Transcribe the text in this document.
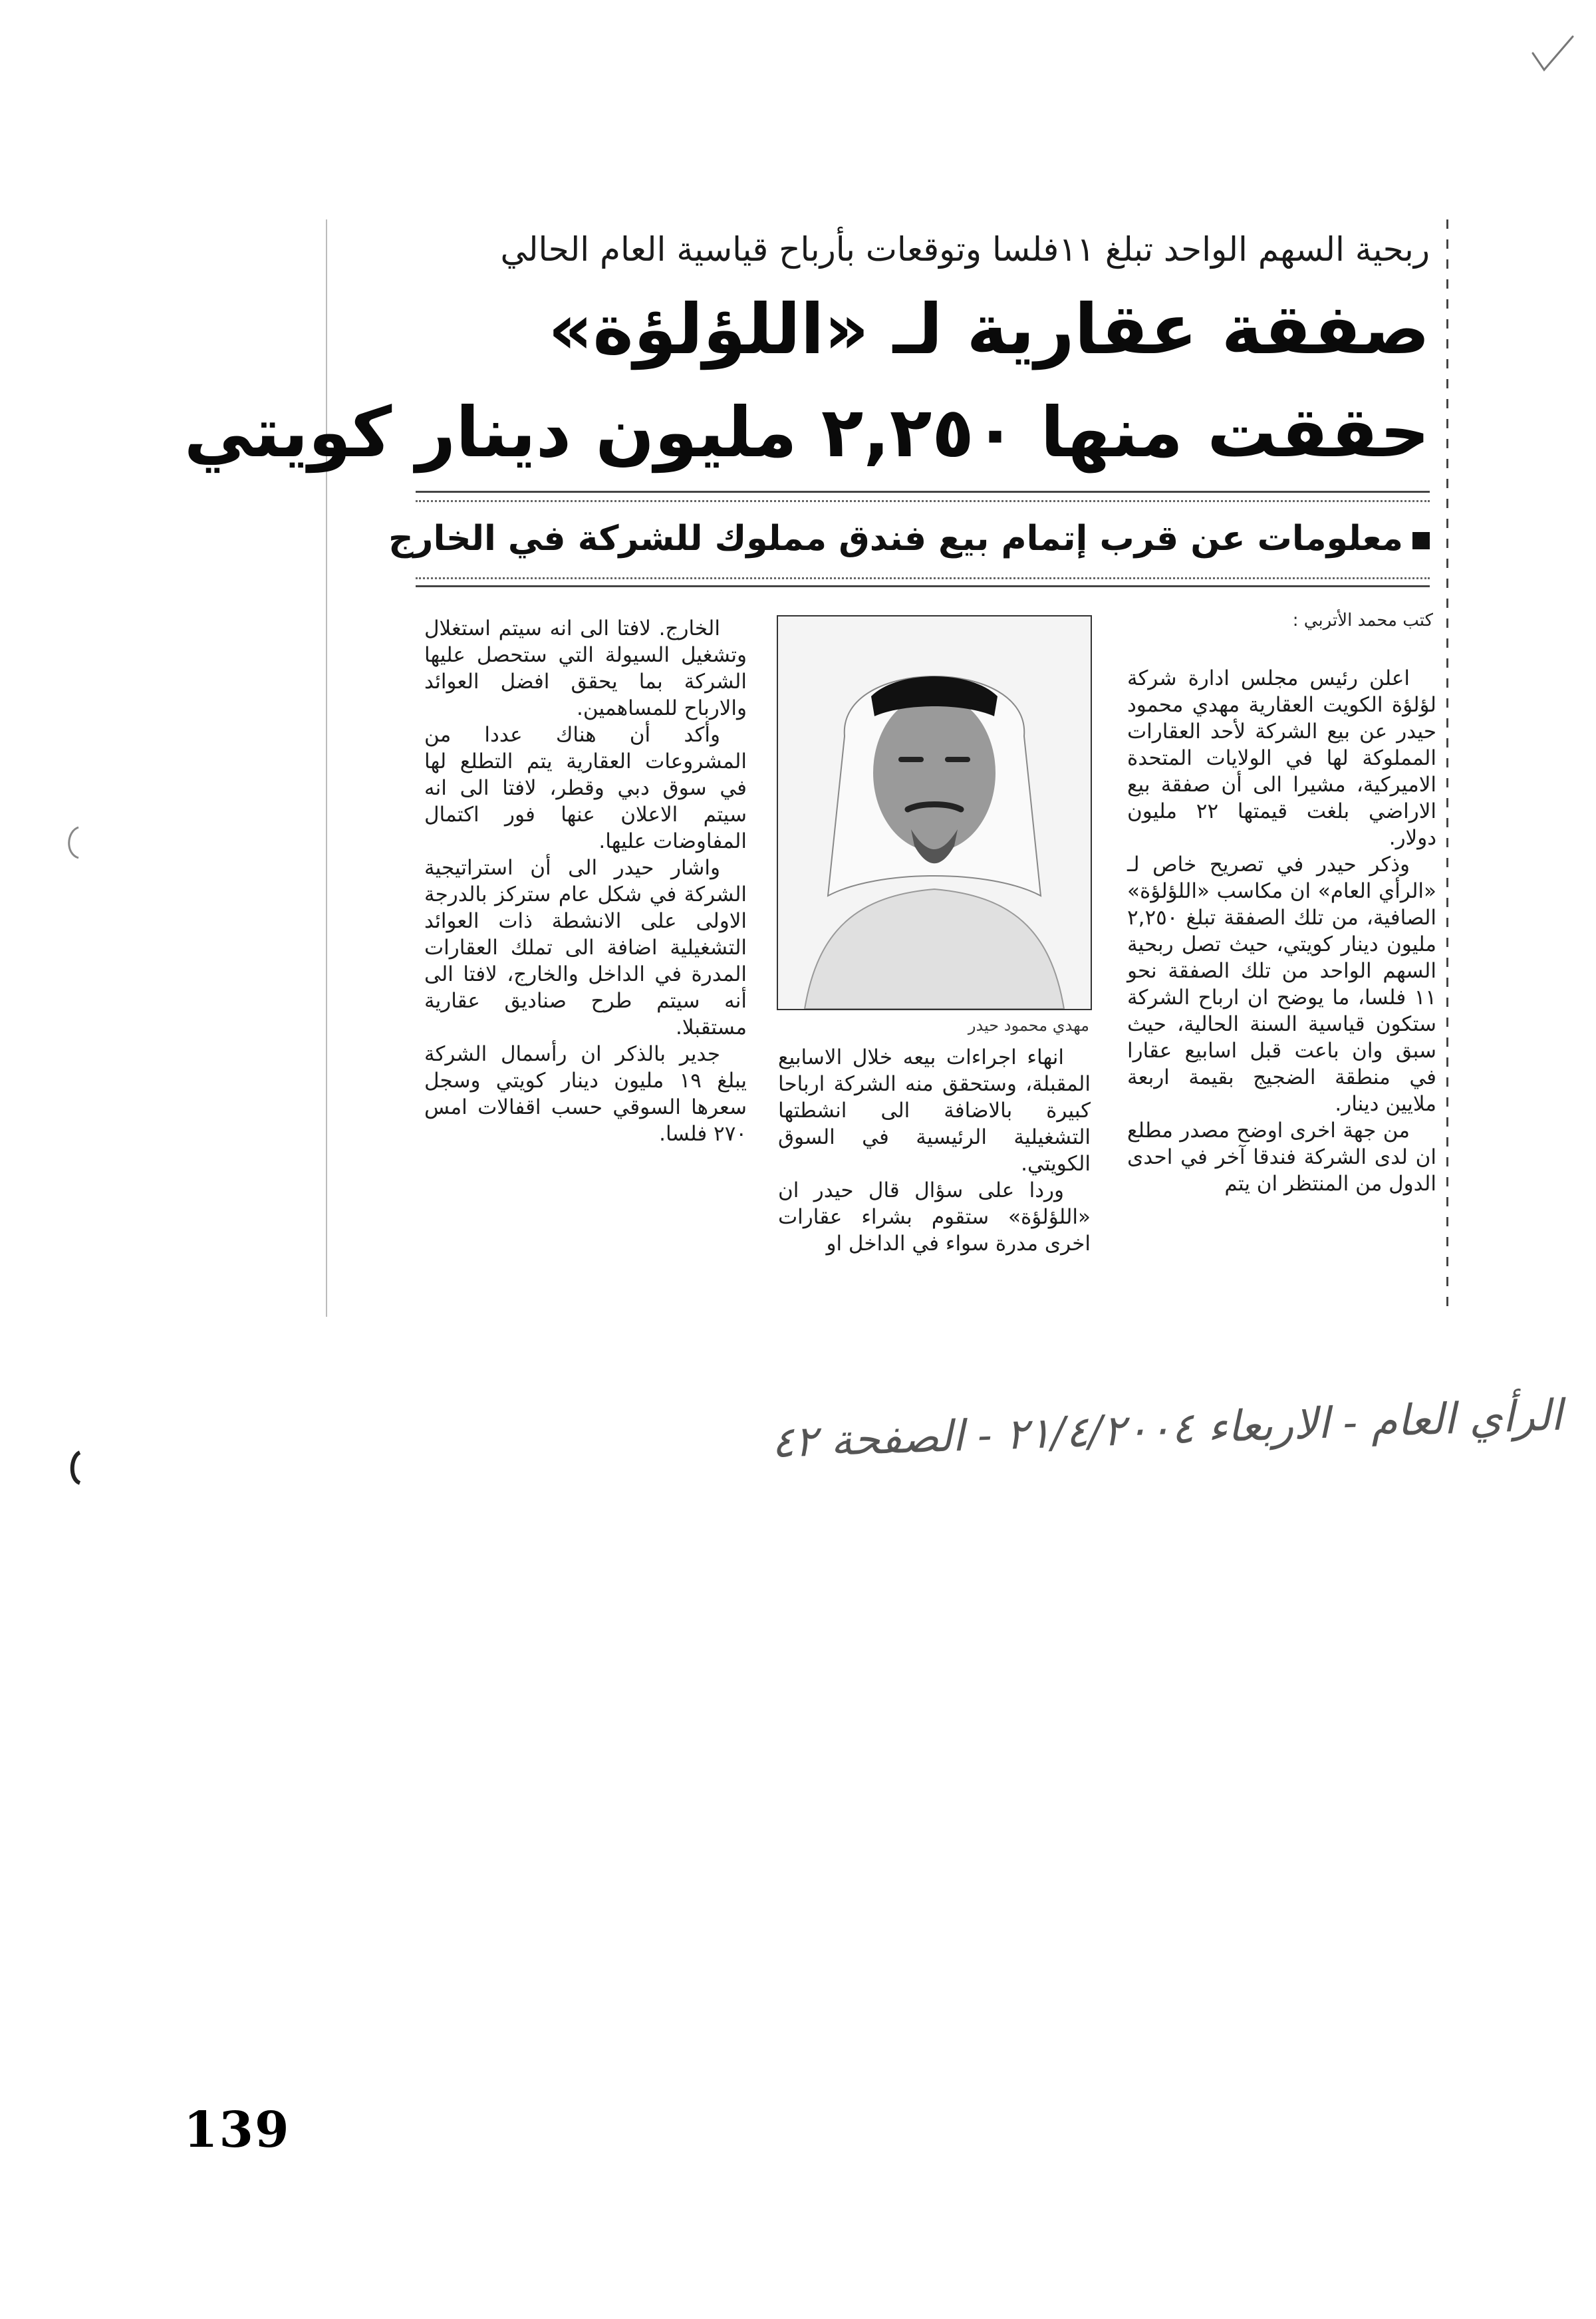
ربحية السهم الواحد تبلغ ١١فلسا وتوقعات بأرباح قياسية العام الحالي
صفقة عقارية لـ «اللؤلؤة»
حققت منها ٢,٢٥٠ مليون دينار كويتي
معلومات عن قرب إتمام بيع فندق مملوك للشركة في الخارج
كتب محمد الأتربي :

اعلن رئيس مجلس ادارة شركة لؤلؤة الكويت العقارية مهدي محمود حيدر عن بيع الشركة لأحد العقارات المملوكة لها في الولايات المتحدة الاميركية، مشيرا الى أن صفقة بيع الاراضي بلغت قيمتها ٢٢ مليون دولار.

وذكر حيدر في تصريح خاص لـ «الرأي العام» ان مكاسب «اللؤلؤة» الصافية، من تلك الصفقة تبلغ ٢,٢٥٠ مليون دينار كويتي، حيث تصل ربحية السهم الواحد من تلك الصفقة نحو ١١ فلسا، ما يوضح ان ارباح الشركة ستكون قياسية السنة الحالية، حيث سبق وان باعت قبل اسابيع عقارا في منطقة الضجيج بقيمة اربعة ملايين دينار.

من جهة اخرى اوضح مصدر مطلع ان لدى الشركة فندقا آخر في احدى الدول من المنتظر ان يتم

مهدي محمود حيدر

انهاء اجراءات بيعه خلال الاسابيع المقبلة، وستحقق منه الشركة ارباحا كبيرة بالاضافة الى انشطتها التشغيلية الرئيسية في السوق الكويتي.

وردا على سؤال قال حيدر ان «اللؤلؤة» ستقوم بشراء عقارات اخرى مدرة سواء في الداخل او

الخارج. لافتا الى انه سيتم استغلال وتشغيل السيولة التي ستحصل عليها الشركة بما يحقق افضل العوائد والارباح للمساهمين.

وأكد أن هناك عددا من المشروعات العقارية يتم التطلع لها في سوق دبي وقطر، لافتا الى انه سيتم الاعلان عنها فور اكتمال المفاوضات عليها.

واشار حيدر الى أن استراتيجية الشركة في شكل عام ستركز بالدرجة الاولى على الانشطة ذات العوائد التشغيلية اضافة الى تملك العقارات المدرة في الداخل والخارج، لافتا الى أنه سيتم طرح صناديق عقارية مستقبلا.

جدير بالذكر ان رأسمال الشركة يبلغ ١٩ مليون دينار كويتي وسجل سعرها السوقي حسب اقفالات امس ٢٧٠ فلسا.

الرأي العام - الاربعاء ٢١/٤/٢٠٠٤ - الصفحة ٤٢
139
